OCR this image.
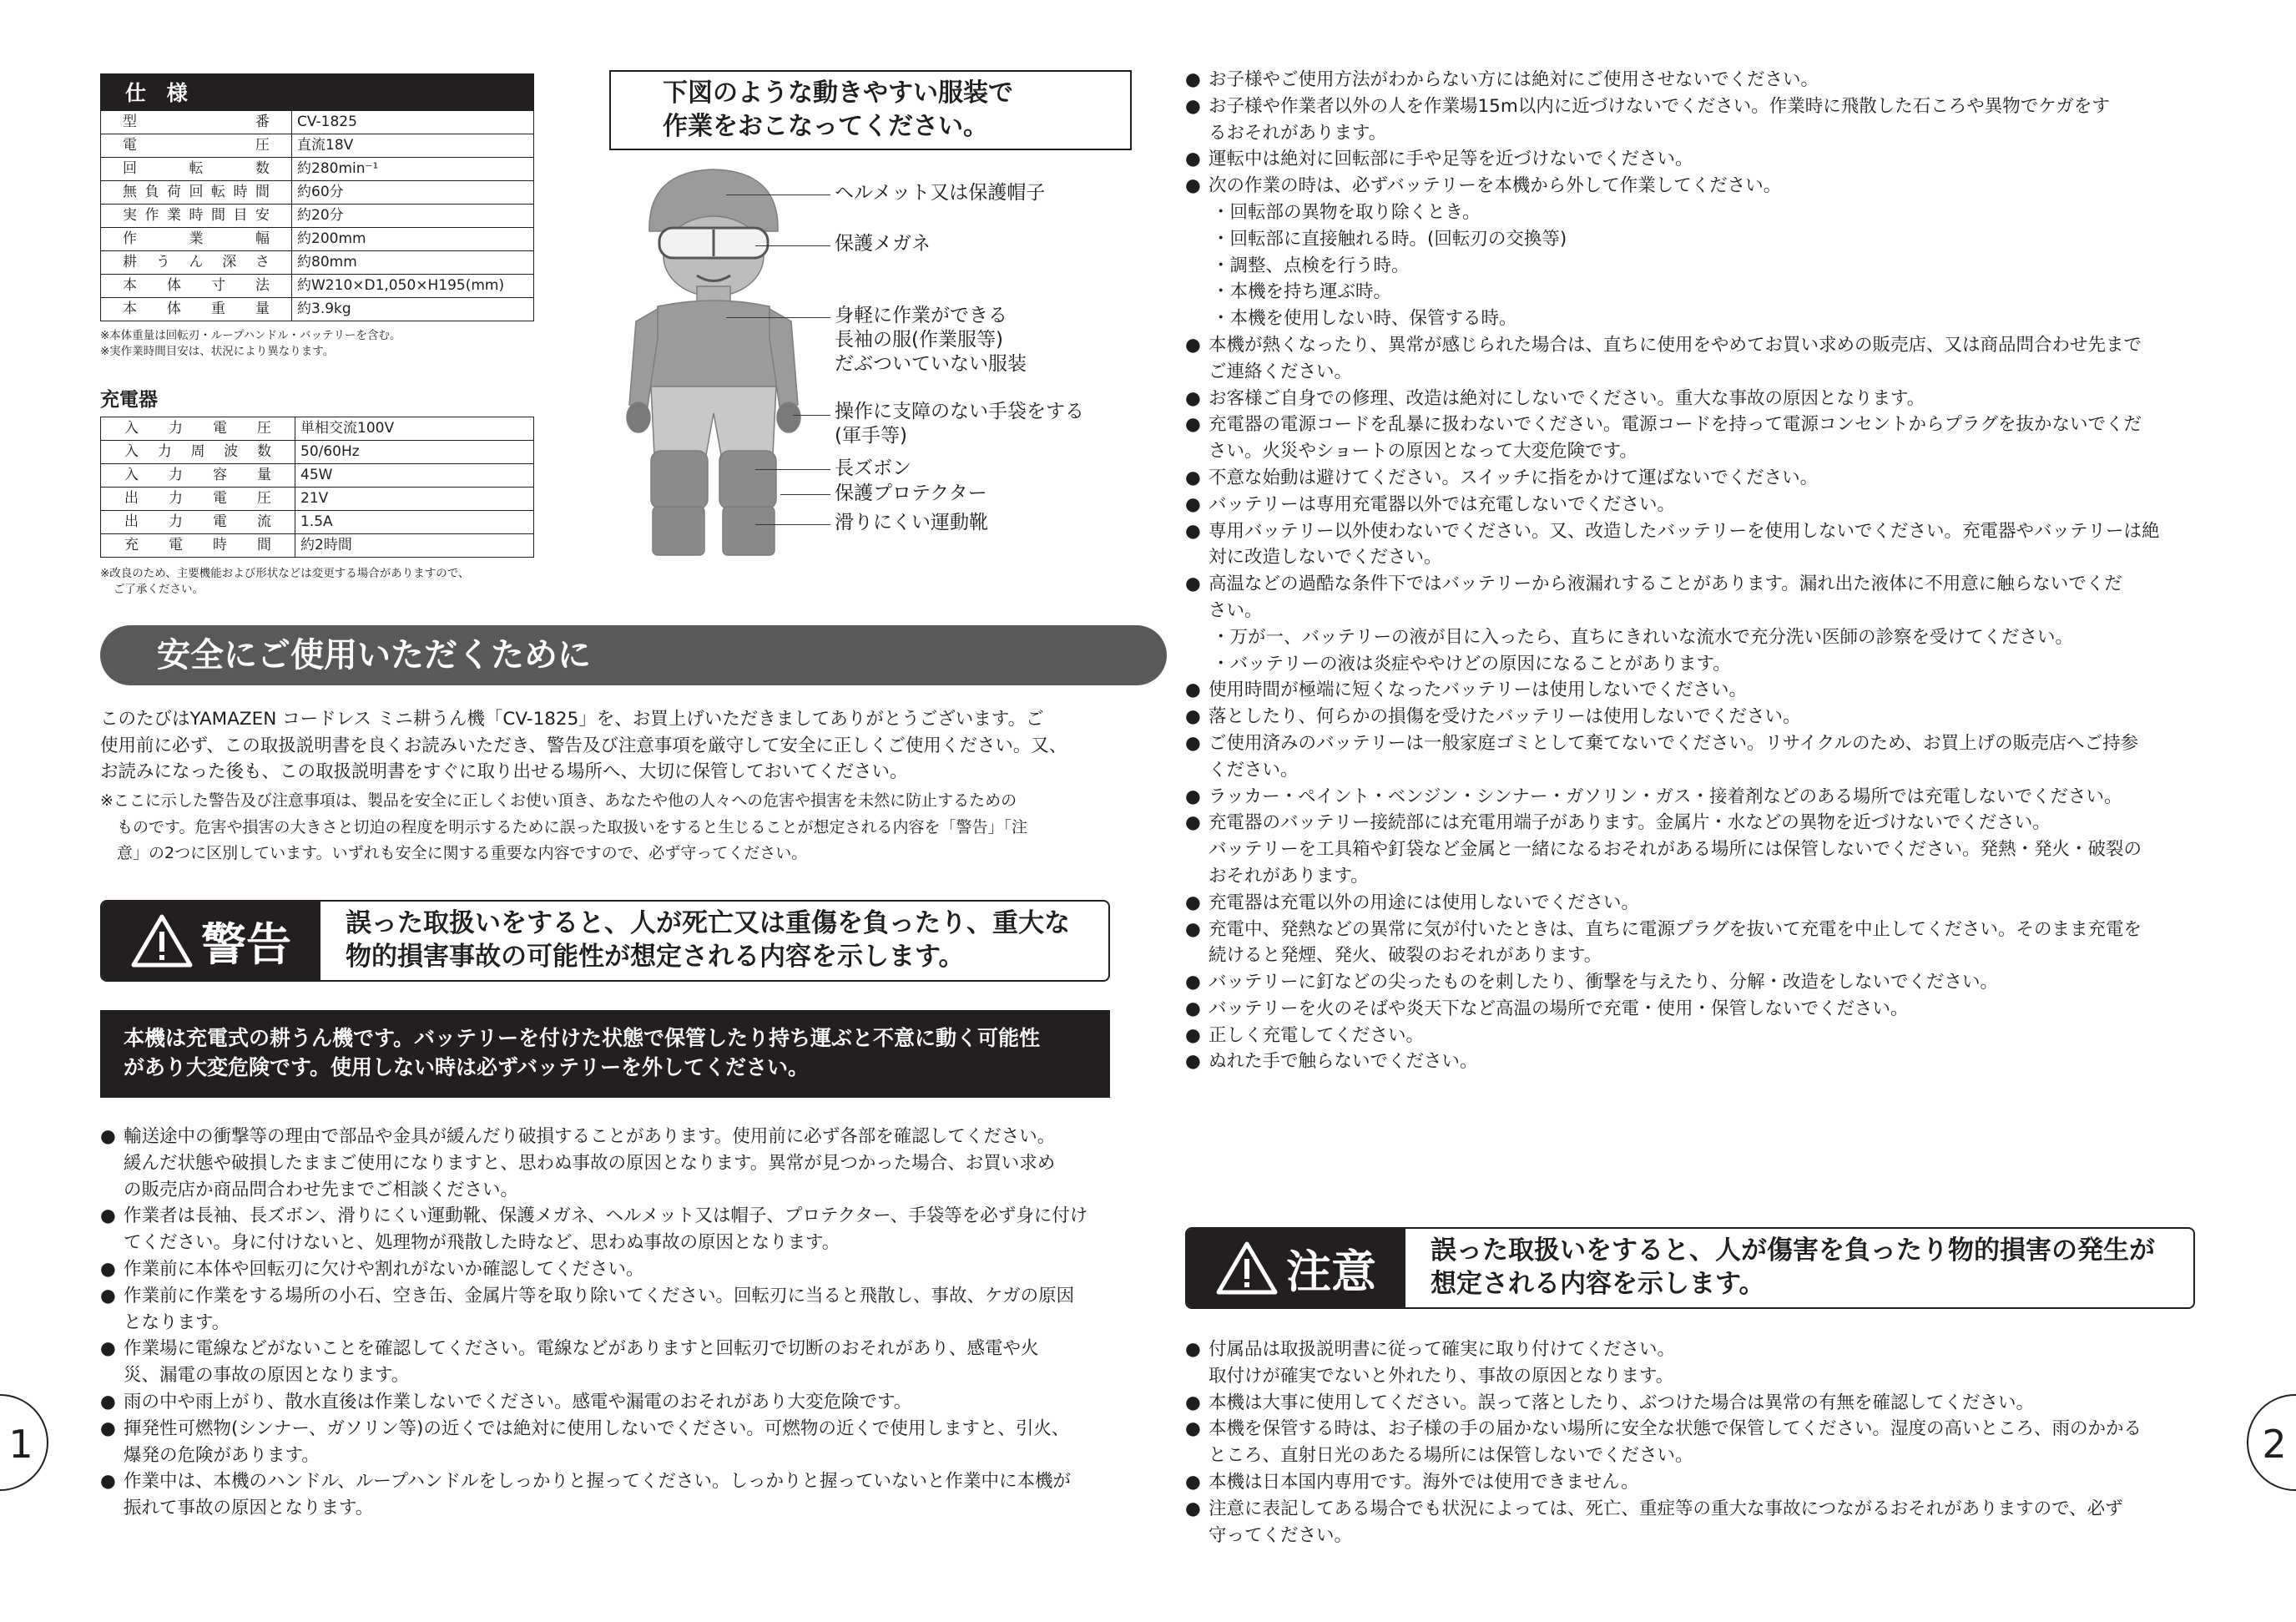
仕 様
型番	CV-1825
電圧	直流18V
回転数	約280min⁻¹
無負荷回転時間	約60分
実作業時間目安	約20分
作業幅	約200mm
耕うん深さ	約80mm
本体寸法	約W210×D1,050×H195(mm)
本体重量	約3.9kg
※本体重量は回転刃・ループハンドル・バッテリーを含む。
※実作業時間目安は、状況により異なります。
充電器
入力電圧	単相交流100V
入力周波数	50/60Hz
入力容量	45W
出力電圧	21V
出力電流	1.5A
充電時間	約2時間
※改良のため、主要機能および形状などは変更する場合がありますので、
ご了承ください。
下図のような動きやすい服装で
作業をおこなってください。
ヘルメット又は保護帽子
保護メガネ
身軽に作業ができる
長袖の服(作業服等)
だぶついていない服装
操作に支障のない手袋をする
(軍手等)
長ズボン
保護プロテクター
滑りにくい運動靴
安全にご使用いただくために
このたびはYAMAZEN コードレス ミニ耕うん機「CV-1825」を、お買上げいただきましてありがとうございます。ご
使用前に必ず、この取扱説明書を良くお読みいただき、警告及び注意事項を厳守して安全に正しくご使用ください。又、
お読みになった後も、この取扱説明書をすぐに取り出せる場所へ、大切に保管しておいてください。
※ここに示した警告及び注意事項は、製品を安全に正しくお使い頂き、あなたや他の人々への危害や損害を未然に防止するための
ものです。危害や損害の大きさと切迫の程度を明示するために誤った取扱いをすると生じることが想定される内容を「警告」「注
意」の2つに区別しています。いずれも安全に関する重要な内容ですので、必ず守ってください。
警告 誤った取扱いをすると、人が死亡又は重傷を負ったり、重大な
物的損害事故の可能性が想定される内容を示します。
本機は充電式の耕うん機です。バッテリーを付けた状態で保管したり持ち運ぶと不意に動く可能性
があり大変危険です。使用しない時は必ずバッテリーを外してください。
● 輸送途中の衝撃等の理由で部品や金具が緩んだり破損することがあります。使用前に必ず各部を確認してください。
緩んだ状態や破損したままご使用になりますと、思わぬ事故の原因となります。異常が見つかった場合、お買い求め
の販売店か商品問合わせ先までご相談ください。
● 作業者は長袖、長ズボン、滑りにくい運動靴、保護メガネ、ヘルメット又は帽子、プロテクター、手袋等を必ず身に付け
てください。身に付けないと、処理物が飛散した時など、思わぬ事故の原因となります。
● 作業前に本体や回転刃に欠けや割れがないか確認してください。
● 作業前に作業をする場所の小石、空き缶、金属片等を取り除いてください。回転刃に当ると飛散し、事故、ケガの原因
となります。
● 作業場に電線などがないことを確認してください。電線などがありますと回転刃で切断のおそれがあり、感電や火
災、漏電の事故の原因となります。
● 雨の中や雨上がり、散水直後は作業しないでください。感電や漏電のおそれがあり大変危険です。
● 揮発性可燃物(シンナー、ガソリン等)の近くでは絶対に使用しないでください。可燃物の近くで使用しますと、引火、
爆発の危険があります。
● 作業中は、本機のハンドル、ループハンドルをしっかりと握ってください。しっかりと握っていないと作業中に本機が
振れて事故の原因となります。
1
● お子様やご使用方法がわからない方には絶対にご使用させないでください。
● お子様や作業者以外の人を作業場15m以内に近づけないでください。作業時に飛散した石ころや異物でケガをす
るおそれがあります。
● 運転中は絶対に回転部に手や足等を近づけないでください。
● 次の作業の時は、必ずバッテリーを本機から外して作業してください。
・回転部の異物を取り除くとき。
・回転部に直接触れる時。(回転刃の交換等)
・調整、点検を行う時。
・本機を持ち運ぶ時。
・本機を使用しない時、保管する時。
● 本機が熱くなったり、異常が感じられた場合は、直ちに使用をやめてお買い求めの販売店、又は商品問合わせ先まで
ご連絡ください。
● お客様ご自身での修理、改造は絶対にしないでください。重大な事故の原因となります。
● 充電器の電源コードを乱暴に扱わないでください。電源コードを持って電源コンセントからプラグを抜かないでくだ
さい。火災やショートの原因となって大変危険です。
● 不意な始動は避けてください。スイッチに指をかけて運ばないでください。
● バッテリーは専用充電器以外では充電しないでください。
● 専用バッテリー以外使わないでください。又、改造したバッテリーを使用しないでください。充電器やバッテリーは絶
対に改造しないでください。
● 高温などの過酷な条件下ではバッテリーから液漏れすることがあります。漏れ出た液体に不用意に触らないでくだ
さい。
・万が一、バッテリーの液が目に入ったら、直ちにきれいな流水で充分洗い医師の診察を受けてください。
・バッテリーの液は炎症ややけどの原因になることがあります。
● 使用時間が極端に短くなったバッテリーは使用しないでください。
● 落としたり、何らかの損傷を受けたバッテリーは使用しないでください。
● ご使用済みのバッテリーは一般家庭ゴミとして棄てないでください。リサイクルのため、お買上げの販売店へご持参
ください。
● ラッカー・ペイント・ベンジン・シンナー・ガソリン・ガス・接着剤などのある場所では充電しないでください。
● 充電器のバッテリー接続部には充電用端子があります。金属片・水などの異物を近づけないでください。
バッテリーを工具箱や釘袋など金属と一緒になるおそれがある場所には保管しないでください。発熱・発火・破裂の
おそれがあります。
● 充電器は充電以外の用途には使用しないでください。
● 充電中、発熱などの異常に気が付いたときは、直ちに電源プラグを抜いて充電を中止してください。そのまま充電を
続けると発煙、発火、破裂のおそれがあります。
● バッテリーに釘などの尖ったものを刺したり、衝撃を与えたり、分解・改造をしないでください。
● バッテリーを火のそばや炎天下など高温の場所で充電・使用・保管しないでください。
● 正しく充電してください。
● ぬれた手で触らないでください。
注意 誤った取扱いをすると、人が傷害を負ったり物的損害の発生が
想定される内容を示します。
● 付属品は取扱説明書に従って確実に取り付けてください。
取付けが確実でないと外れたり、事故の原因となります。
● 本機は大事に使用してください。誤って落としたり、ぶつけた場合は異常の有無を確認してください。
● 本機を保管する時は、お子様の手の届かない場所に安全な状態で保管してください。湿度の高いところ、雨のかかる
ところ、直射日光のあたる場所には保管しないでください。
● 本機は日本国内専用です。海外では使用できません。
● 注意に表記してある場合でも状況によっては、死亡、重症等の重大な事故につながるおそれがありますので、必ず
守ってください。
2
